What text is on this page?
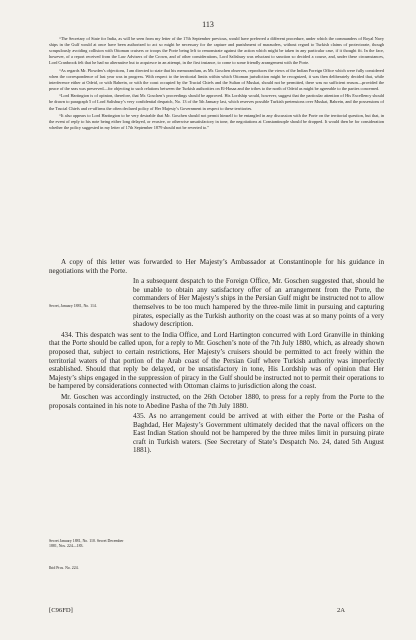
113

“The Secretary of State for India, as will be seen from my letter of the 17th September previous, would have preferred a different procedure, under which the commanders of Royal Navy ships in the Gulf would at once have been authorized to act so might be necessary for the capture and punishment of marauders, without regard to Turkish claims of protectorate, though scrupulously avoiding collision with Ottoman cruisers or troops the Porte being left to remonstrate against the action which might be taken in any particular case, if it thought fit. In the face, however, of a report received from the Law Advisers of the Crown, and of other considerations, Lord Salisbury was reluctant to sanction so decided a course, and, under these circumstances, Lord Cranbrook felt that he had no alternative but to acquiesce in an attempt, in the first instance, to come to some friendly arrangement with the Porte.

“As regards Mr. Plowden’s objections, I am directed to state that his memorandum, as Mr. Goschen observes, reproduces the views of the Indian Foreign Office which were fully considered when the correspondence of last year was in progress. With respect to the territorial limits within which Ottoman jurisdiction might be recognized, it was then deliberately decided that, while interference either at Odeid, or with Bahrein, or with the coast occupied by the Trucial Chiefs and the Sultan of Muskat, should not be permitted, there was no sufficient reason—provided the peace of the seas was preserved—for objecting to such relations between the Turkish authorities on El-Hasaa and the tribes to the north of Odeid as might be agreeable to the parties concerned.

“Lord Hartington is of opinion, therefore, that Mr. Goschen’s proceedings should be approved. His Lordship would, however, suggest that the particular attention of His Excellency should be drawn to paragraph 5 of Lord Salisbury’s very confidential despatch, No. 13 of the 5th January last, which reserves possible Turkish pretensions over Muskat, Bahrein, and the possessions of the Trucial Chiefs and re-affirms the often declared policy of Her Majesty’s Government in respect to these territories.

“It also appears to Lord Hartington to be very desirable that Mr. Goschen should not permit himself to be entangled in any discussion with the Porte on the territorial question, but that, in the event of reply to his note being either long delayed, or evasive, or otherwise unsatisfactory in tone, the negotiations at Constantinople should be dropped. It would then be for consideration whether the policy suggested in my letter of 17th September 1879 should not be reverted to.”

A copy of this letter was forwarded to Her Majesty’s Ambassador at Constantinople for his guidance in negotiations with the Porte.

In a subsequent despatch to the Foreign Office, Mr. Goschen suggested that, should he be unable to obtain any satisfactory offer of an arrangement from the Porte, the commanders of Her Majesty’s ships in the Persian Gulf might be instructed not to allow themselves to be too much hampered by the three-mile limit in pursuing and capturing pirates, especially as the Turkish authority on the coast was at so many points of a very shadowy description.

434. This despatch was sent to the India Office, and Lord Hartington concurred with Lord Granville in thinking that the Porte should be called upon, for a reply to Mr. Goschen’s note of the 7th July 1880, which, as already shown proposed that, subject to certain restrictions, Her Majesty’s cruisers should be permitted to act freely within the territorial waters of that portion of the Arab coast of the Persian Gulf where Turkish authority was imperfectly established. Should that reply be delayed, or be unsatisfactory in tone, His Lordship was of opinion that Her Majesty’s ships engaged in the suppression of piracy in the Gulf should be instructed not to permit their operations to be hampered by considerations connected with Ottoman claims to jurisdiction along the coast.

Mr. Goschen was accordingly instructed, on the 26th October 1880, to press for a reply from the Porte to the proposals contained in his note to Abedine Pasha of the 7th July 1880.

435. As no arrangement could be arrived at with either the Porte or the Pasha of Baghdad, Her Majesty’s Government ultimately decided that the naval officers on the East Indian Station should not be hampered by the three miles limit in pursuing pirate craft in Turkish waters. (See Secretary of State’s Despatch No. 24, dated 5th August 1881).

Secret, January 1881, No. 114.
Secret January 1881, No. 110. Secret December 1881, Nos. 224—183.
Ibid Pros. No. 224.
[C96FD]	2A
